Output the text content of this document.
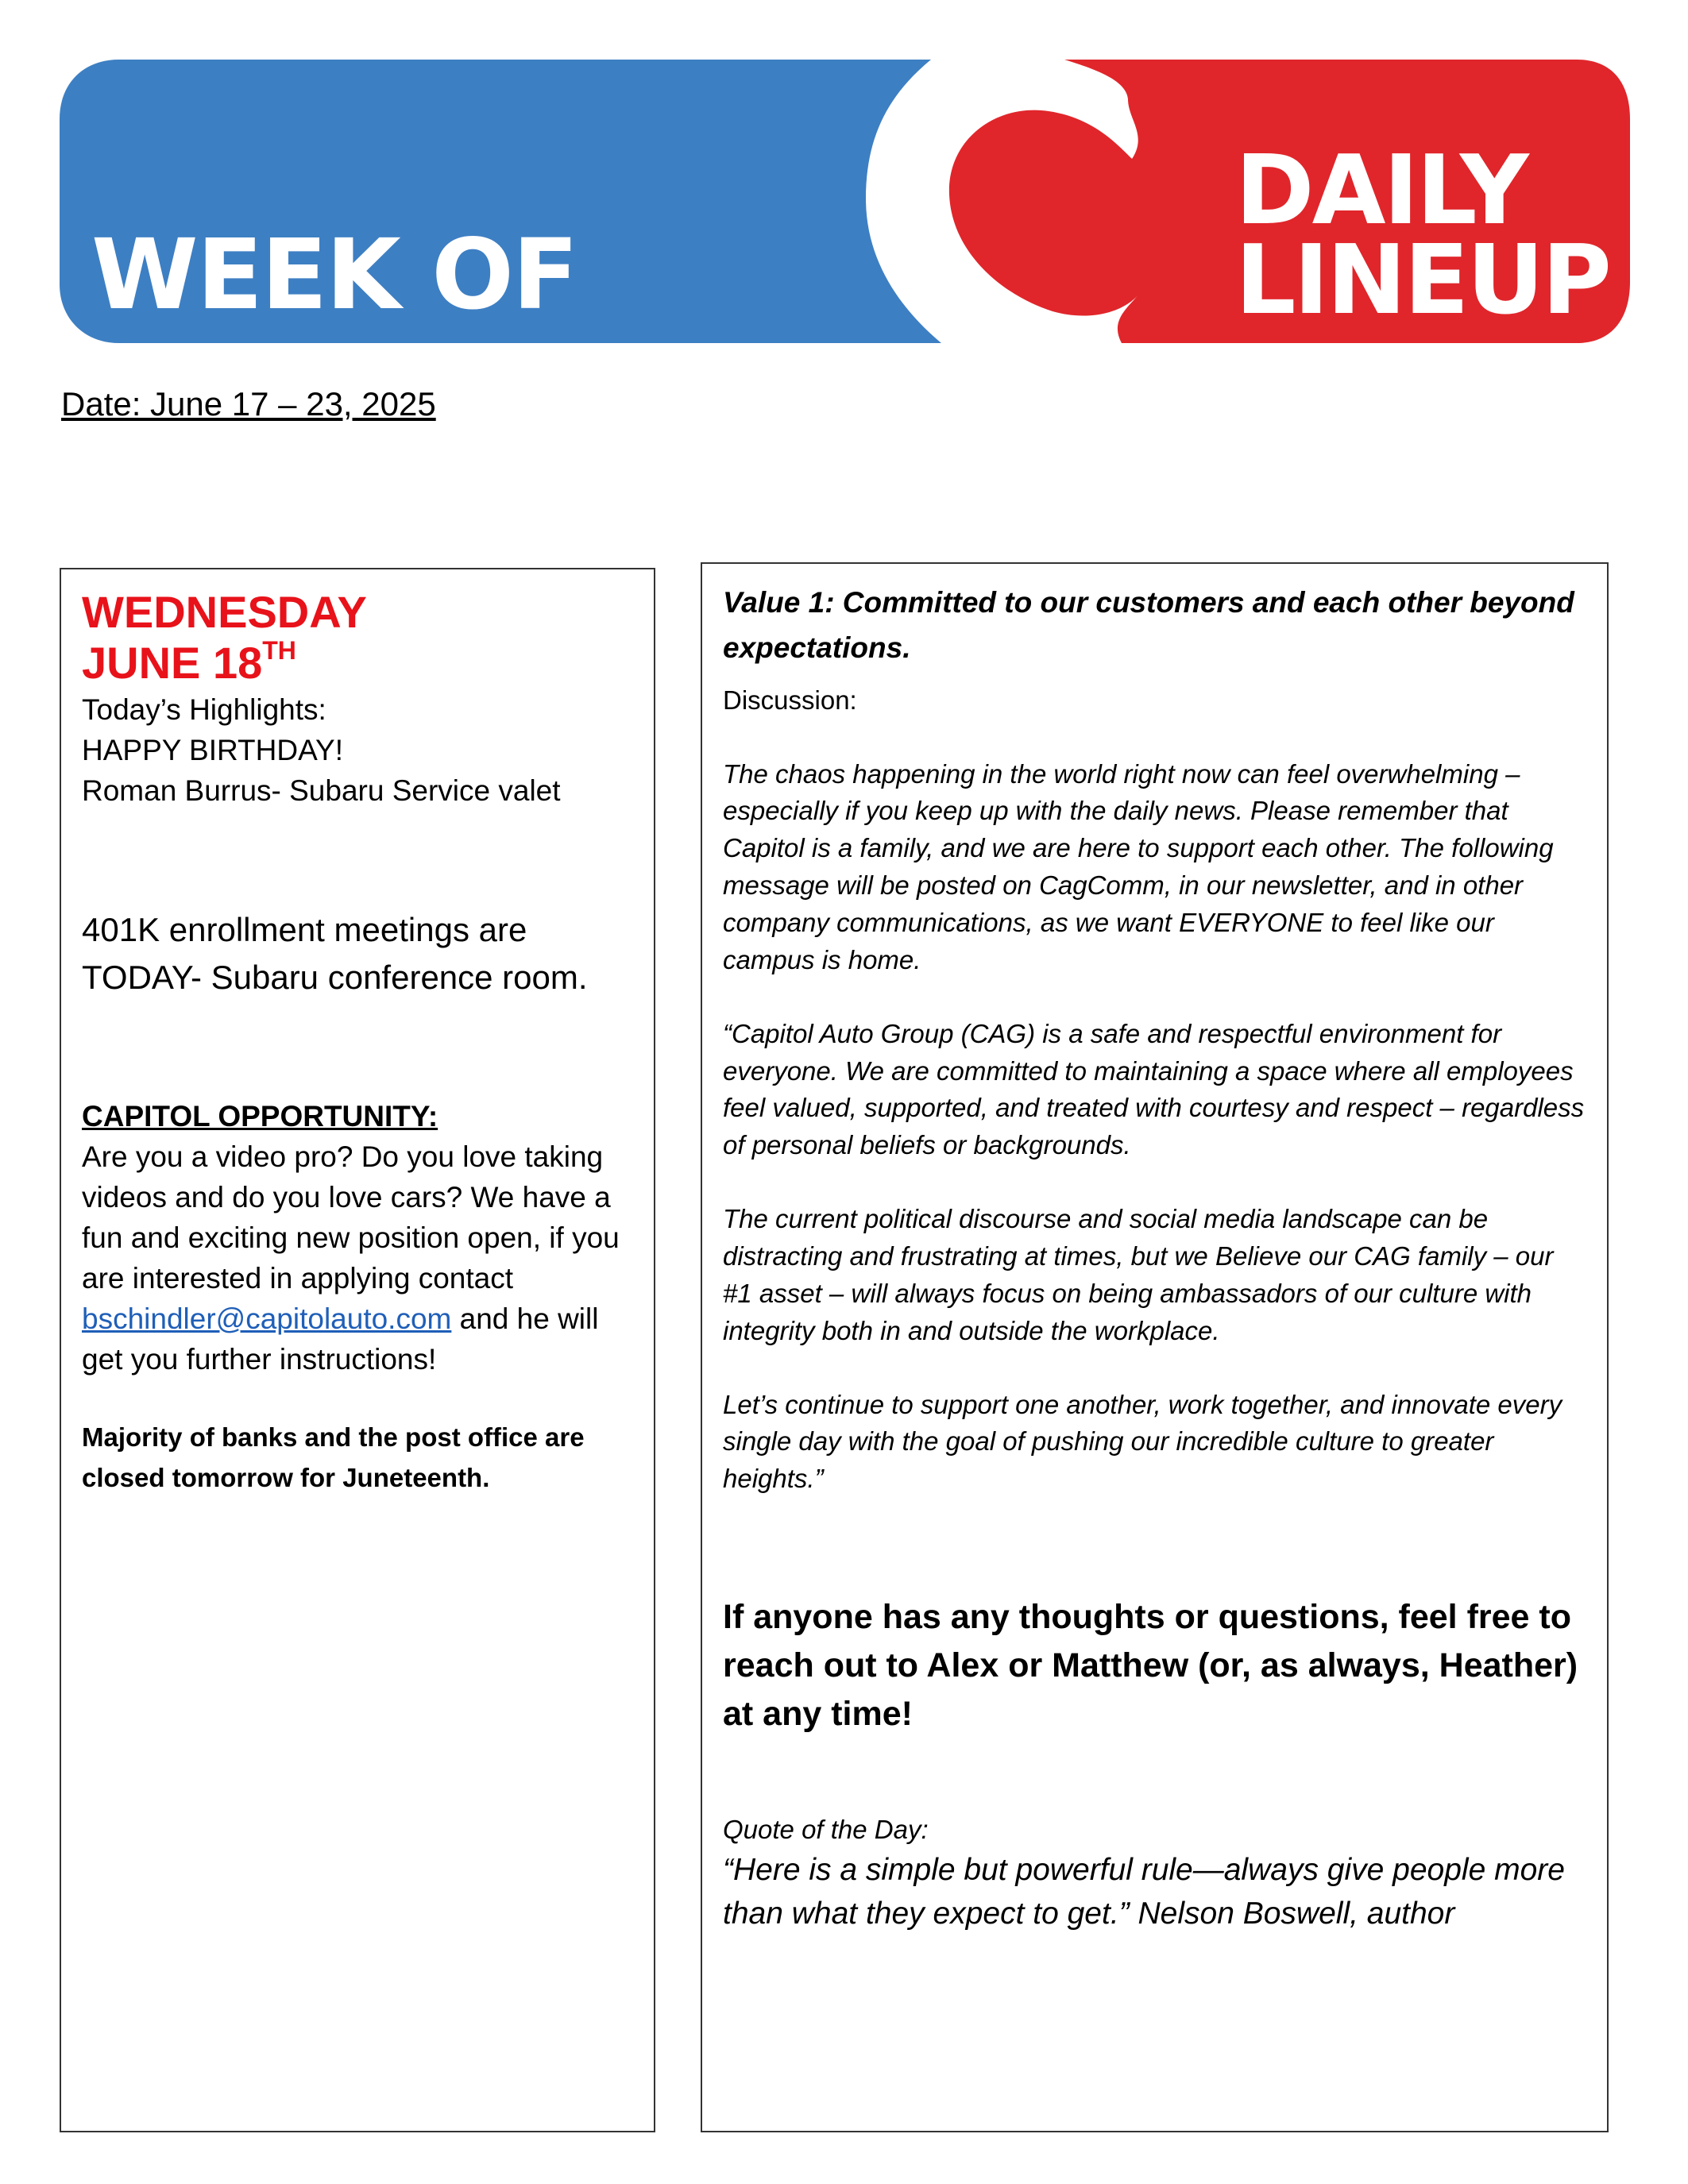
WEEK OF
DAILY
LINEUP
Date: June 17 – 23, 2025
WEDNESDAY
JUNE 18TH
Today’s Highlights:
HAPPY BIRTHDAY!
Roman Burrus- Subaru Service valet
401K enrollment meetings are
TODAY- Subaru conference room.
CAPITOL OPPORTUNITY:
Are you a video pro? Do you love taking videos and do you love cars? We have a fun and exciting new position open, if you are interested in applying contact bschindler@capitolauto.com and he will get you further instructions!
Majority of banks and the post office are closed tomorrow for Juneteenth.
Value 1: Committed to our customers and each other beyond expectations.
Discussion:
The chaos happening in the world right now can feel overwhelming – especially if you keep up with the daily news. Please remember that Capitol is a family, and we are here to support each other. The following message will be posted on CagComm, in our newsletter, and in other company communications, as we want EVERYONE to feel like our campus is home.
“Capitol Auto Group (CAG) is a safe and respectful environment for everyone. We are committed to maintaining a space where all employees feel valued, supported, and treated with courtesy and respect – regardless of personal beliefs or backgrounds.
The current political discourse and social media landscape can be distracting and frustrating at times, but we Believe our CAG family – our #1 asset – will always focus on being ambassadors of our culture with integrity both in and outside the workplace.
Let’s continue to support one another, work together, and innovate every single day with the goal of pushing our incredible culture to greater heights.”
If anyone has any thoughts or questions, feel free to reach out to Alex or Matthew (or, as always, Heather) at any time!
Quote of the Day:
“Here is a simple but powerful rule—always give people more than what they expect to get.” Nelson Boswell, author
